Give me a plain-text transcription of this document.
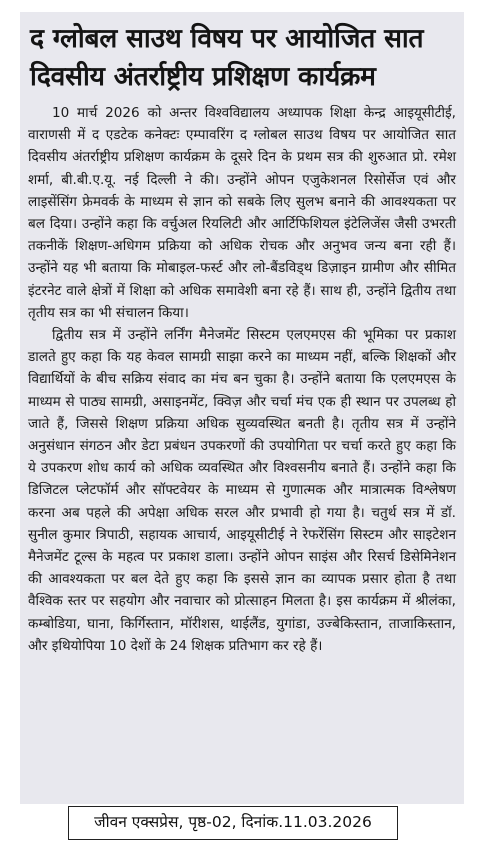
द ग्लोबल साउथ विषय पर आयोजित सात दिवसीय अंतर्राष्ट्रीय प्रशिक्षण कार्यक्रम

10 मार्च 2026 को अन्तर विश्वविद्यालय अध्यापक शिक्षा केन्द्र आइयूसीटीई, वाराणसी में द एडटेक कनेक्टः एम्पावरिंग द ग्लोबल साउथ विषय पर आयोजित सात दिवसीय अंतर्राष्ट्रीय प्रशिक्षण कार्यक्रम के दूसरे दिन के प्रथम सत्र की शुरुआत प्रो. रमेश शर्मा, बी.बी.ए.यू. नई दिल्ली ने की। उन्होंने ओपन एजुकेशनल रिसोर्सेज एवं और लाइसेंसिंग फ्रेमवर्क के माध्यम से ज्ञान को सबके लिए सुलभ बनाने की आवश्यकता पर बल दिया। उन्होंने कहा कि वर्चुअल रियलिटी और आर्टिफिशियल इंटेलिजेंस जैसी उभरती तकनीकें शिक्षण-अधिगम प्रक्रिया को अधिक रोचक और अनुभव जन्य बना रही हैं। उन्होंने यह भी बताया कि मोबाइल-फर्स्ट और लो-बैंडविड्थ डिज़ाइन ग्रामीण और सीमित इंटरनेट वाले क्षेत्रों में शिक्षा को अधिक समावेशी बना रहे हैं। साथ ही, उन्होंने द्वितीय तथा तृतीय सत्र का भी संचालन किया।

द्वितीय सत्र में उन्होंने लर्निंग मैनेजमेंट सिस्टम एलएमएस की भूमिका पर प्रकाश डालते हुए कहा कि यह केवल सामग्री साझा करने का माध्यम नहीं, बल्कि शिक्षकों और विद्यार्थियों के बीच सक्रिय संवाद का मंच बन चुका है। उन्होंने बताया कि एलएमएस के माध्यम से पाठ्य सामग्री, असाइनमेंट, क्विज़ और चर्चा मंच एक ही स्थान पर उपलब्ध हो जाते हैं, जिससे शिक्षण प्रक्रिया अधिक सुव्यवस्थित बनती है। तृतीय सत्र में उन्होंने अनुसंधान संगठन और डेटा प्रबंधन उपकरणों की उपयोगिता पर चर्चा करते हुए कहा कि ये उपकरण शोध कार्य को अधिक व्यवस्थित और विश्वसनीय बनाते हैं। उन्होंने कहा कि डिजिटल प्लेटफॉर्म और सॉफ्टवेयर के माध्यम से गुणात्मक और मात्रात्मक विश्लेषण करना अब पहले की अपेक्षा अधिक सरल और प्रभावी हो गया है। चतुर्थ सत्र में डॉ. सुनील कुमार त्रिपाठी, सहायक आचार्य, आइयूसीटीई ने रेफरेंसिंग सिस्टम और साइटेशन मैनेजमेंट टूल्स के महत्व पर प्रकाश डाला। उन्होंने ओपन साइंस और रिसर्च डिसेमिनेशन की आवश्यकता पर बल देते हुए कहा कि इससे ज्ञान का व्यापक प्रसार होता है तथा वैश्विक स्तर पर सहयोग और नवाचार को प्रोत्साहन मिलता है। इस कार्यक्रम में श्रीलंका, कम्बोडिया, घाना, किर्गिस्तान, मॉरीशस, थाईलैंड, युगांडा, उज्बेकिस्तान, ताजाकिस्तान, और इथियोपिया 10 देशों के 24 शिक्षक प्रतिभाग कर रहे हैं।

जीवन एक्सप्रेस, पृष्ठ-02, दिनांक.11.03.2026
